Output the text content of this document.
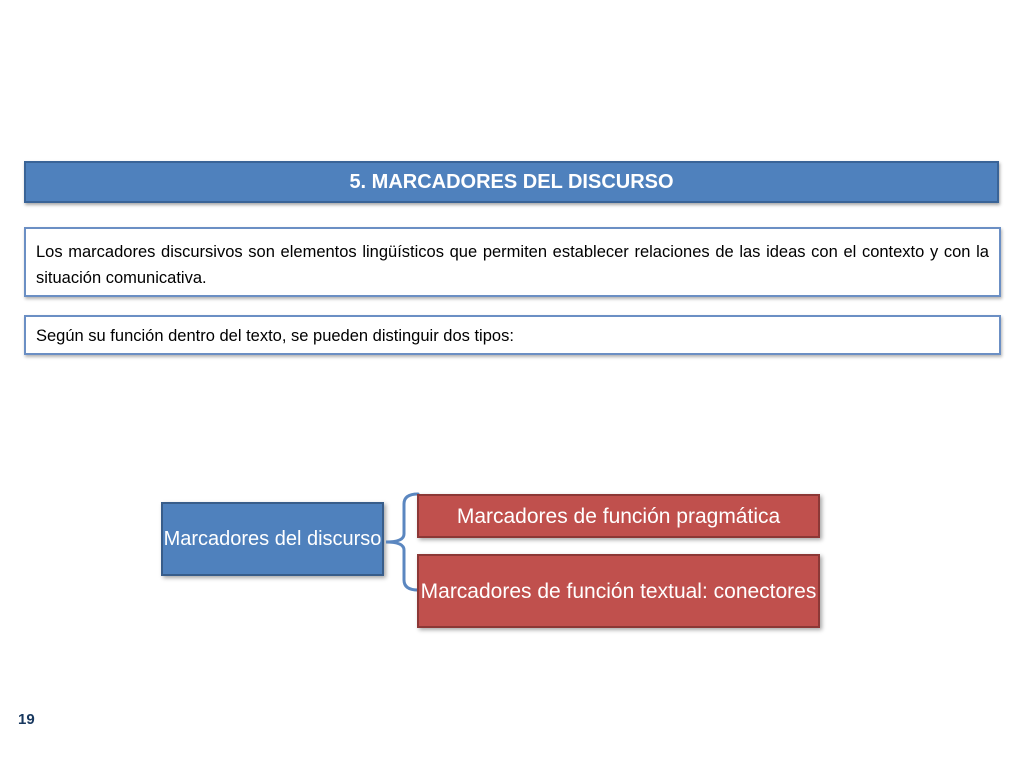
5. MARCADORES DEL DISCURSO
Los marcadores discursivos son elementos lingüísticos que permiten establecer relaciones de las ideas con el contexto y con la situación comunicativa.
Según su función dentro del texto, se pueden distinguir dos tipos:
Marcadores del discurso
Marcadores de función pragmática
Marcadores de función textual: conectores
19
